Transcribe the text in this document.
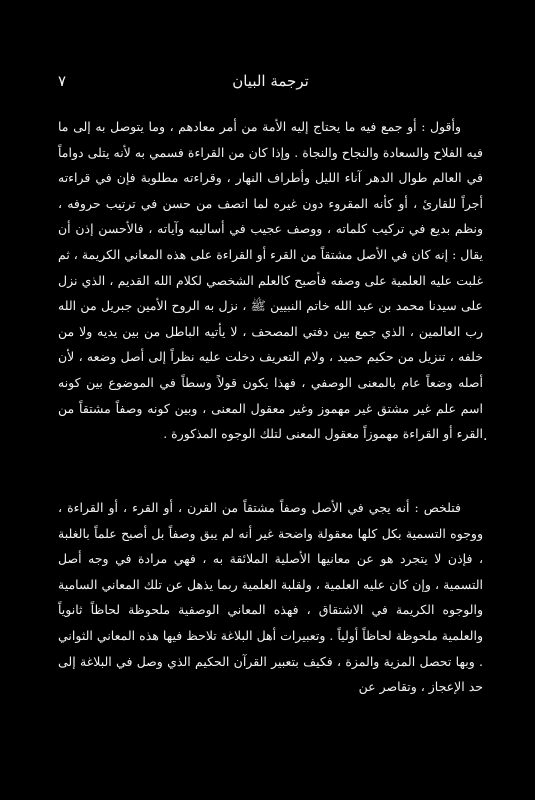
٧	ترجمة البيان

وأقول : أو جمع فيه ما يحتاج إليه الأمة من أمر معادهم ، وما يتوصل به إلى ما فيه الفلاح والسعادة والنجاح والنجاة . وإذا كان من القراءة فسمي به لأنه يتلى دواماً في العالم طوال الدهر آناء الليل وأطراف النهار ، وقراءته مطلوبة فإن في قراءته أجراً للقارئ ، أو كأنه المقروء دون غيره لما اتصف من حسن في ترتيب حروفه ، ونظم بديع في تركيب كلماته ، ووصف عجيب في أساليبه وآياته ، فالأحسن إذن أن يقال : إنه كان في الأصل مشتقاً من القرء أو القراءة على هذه المعاني الكريمة ، ثم غلبت عليه العلمية على وصفه فأصبح كالعلم الشخصي لكلام الله القديم ، الذي نزل على سيدنا محمد بن عبد الله خاتم النبيين ﷺ ، نزل به الروح الأمين جبريل من الله رب العالمين ، الذي جمع بين دفتي المصحف ، لا يأتيه الباطل من بين يديه ولا من خلفه ، تنزيل من حكيم حميد ، ولام التعريف دخلت عليه نظراً إلى أصل وضعه ، لأن أصله وضعاً عام بالمعنى الوصفي ، فهذا يكون قولاً وسطاً في الموضوع بين كونه اسم علم غير مشتق غير مهموز وغير معقول المعنى ، وبين كونه وصفاً مشتقاً من القرء أو القراءة مهموزاً معقول المعنى لتلك الوجوه المذكورة . .

فتلخص : أنه يجي في الأصل وصفاً مشتقاً من القرن ، أو القرء ، أو القراءة ، ووجوه التسمية بكل كلها معقولة واضحة غير أنه لم يبق وصفاً بل أصبح علماً بالغلبة ، فإذن لا يتجرد هو عن معانيها الأصلية الملائقة به ، فهي مرادة في وجه أصل التسمية ، وإن كان عليه العلمية ، ولقلبة العلمية ربما يذهل عن تلك المعاني السامية والوجوه الكريمة في الاشتقاق ، فهذه المعاني الوصفية ملحوظة لحاظاً ثانوياً والعلمية ملحوظة لحاظاً أولياً . وتعبيرات أهل البلاغة تلاحظ فيها هذه المعاني الثواني . وبها تحصل المزية والمزة ، فكيف بتعبير القرآن الحكيم الذي وصل في البلاغة إلى حد الإعجاز ، وتقاصر عن
